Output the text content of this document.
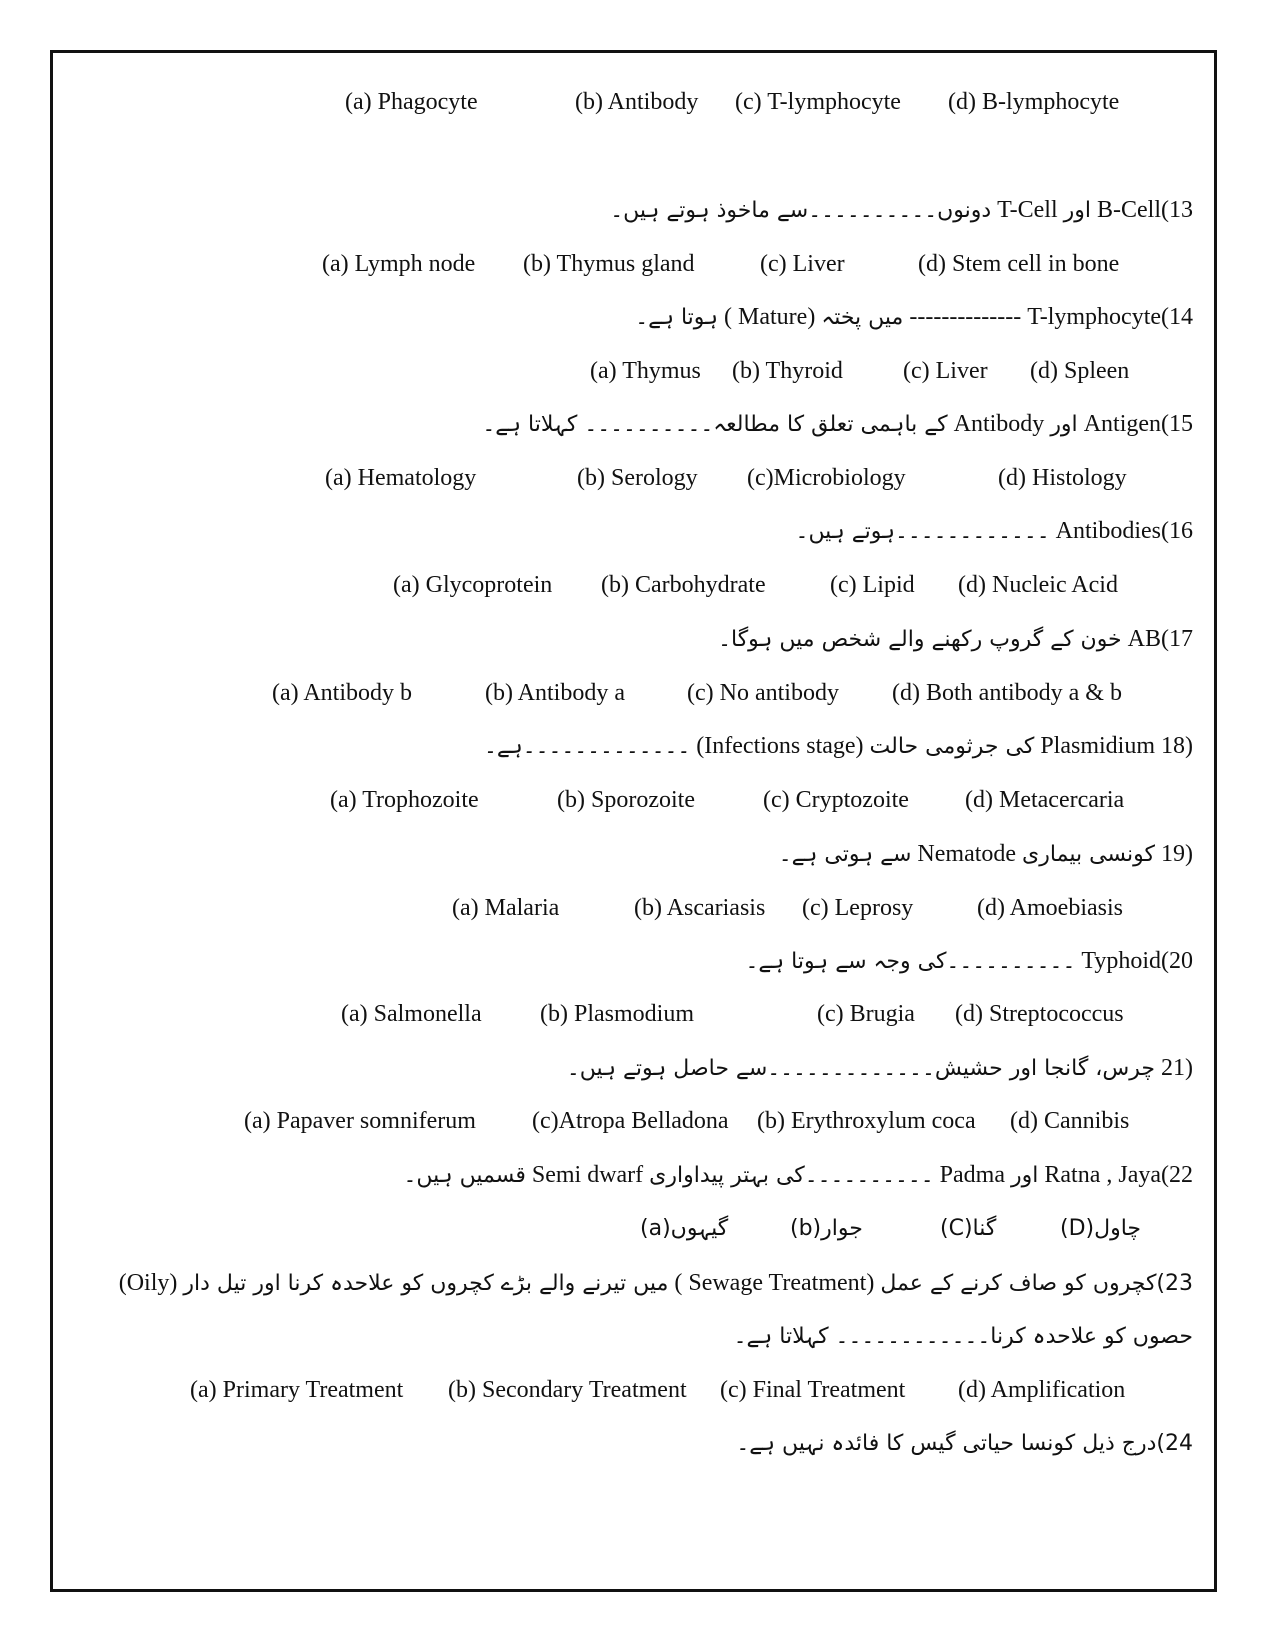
(a) Phagocyte	(b) Antibody (c) T-lymphocyte (d) B-lymphocyte
B-Cell(13 اور T-Cell دونوں۔۔۔۔۔۔۔۔۔۔سے ماخوذ ہوتے ہیں۔
(a) Lymph node (b) Thymus gland	(c) Liver	(d) Stem cell in bone
T-lymphocyte(14 -------------- میں پختہ ( Mature) ہوتا ہے۔
(a) Thymus (b) Thyroid	(c) Liver (d) Spleen
Antigen(15 اور Antibody کے باہمی تعلق کا مطالعہ۔۔۔۔۔۔۔۔۔۔ کہلاتا ہے۔
(a) Hematology	(b) Serology (c)Microbiology	(d) Histology
Antibodies(16 ۔۔۔۔۔۔۔۔۔۔۔۔ہوتے ہیں۔
(a) Glycoprotein (b) Carbohydrate	(c) Lipid (d) Nucleic Acid
AB(17 خون کے گروپ رکھنے والے شخص میں ہوگا۔
(a) Antibody b	(b) Antibody a	(c) No antibody (d) Both antibody a & b
18) Plasmidium کی جرثومی حالت (Infections stage) ۔۔۔۔۔۔۔۔۔۔۔۔۔ہے۔
(a) Trophozoite	(b) Sporozoite	(c) Cryptozoite (d) Metacercaria
19) کونسی بیماری Nematode سے ہوتی ہے۔
(a) Malaria	(b) Ascariasis (c) Leprosy	(d) Amoebiasis
Typhoid(20 ۔۔۔۔۔۔۔۔۔۔کی وجہ سے ہوتا ہے۔
(a) Salmonella (b) Plasmodium	(c) Brugia (d) Streptococcus
21) چرس، گانجا اور حشیش۔۔۔۔۔۔۔۔۔۔۔۔۔سے حاصل ہوتے ہیں۔
(a) Papaver somniferum (c)Atropa Belladona (b) Erythroxylum coca (d) Cannibis
Ratna , Jaya(22 اور Padma ۔۔۔۔۔۔۔۔۔۔کی بہتر پیداواری Semi dwarf قسمیں ہیں۔
(D)چاول
(C)گنا
(b)جوار
(a)گیہوں
23)کچروں کو صاف کرنے کے عمل ( Sewage Treatment) میں تیرنے والے بڑے کچروں کو علاحدہ کرنا اور تیل دار (Oily)
حصوں کو علاحدہ کرنا۔۔۔۔۔۔۔۔۔۔۔۔ کہلاتا ہے۔
(a) Primary Treatment (b) Secondary Treatment (c) Final Treatment (d) Amplification
24)درج ذیل کونسا حیاتی گیس کا فائدہ نہیں ہے۔
